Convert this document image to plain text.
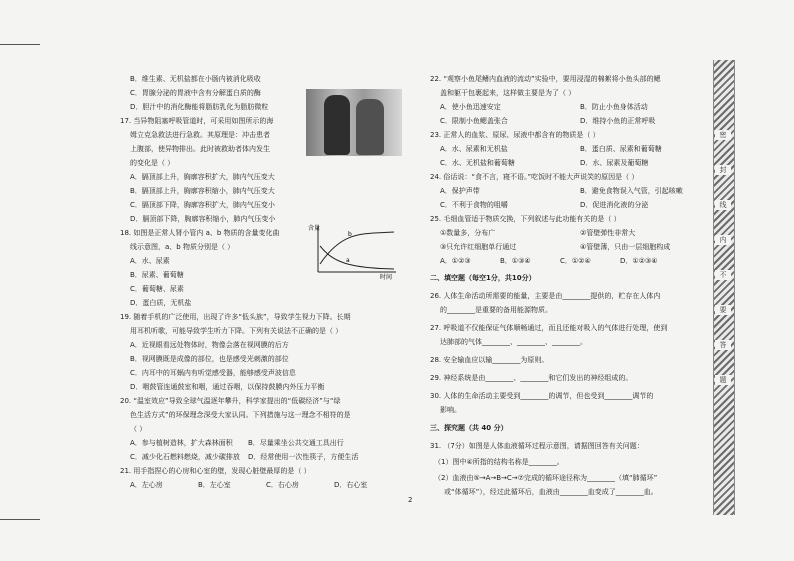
含量
时间
b
a
B．维生素、无机盐都在小肠内被消化吸收
C．胃腺分泌的胃液中含有分解蛋白质的酶
D．胆汁中的消化酶能将脂肪乳化为脂肪微粒
17. 当异物阻塞呼吸管道时，可采用如图所示的海
姆立克急救法进行急救。其原理是：冲击患者
上腹部，使异物排出。此时被救助者体内发生
的变化是（ ）
A．膈顶部上升，胸廓容积扩大，肺内气压变大
B．膈顶部上升，胸廓容积缩小，肺内气压变大
C．膈顶部下降，胸廓容积扩大，肺内气压变小
D．膈顶部下降，胸廓容积缩小，肺内气压变小
18. 如图是正常人肾小管内 a、b 物质的含量变化曲
线示意图，a、b 物质分别是（ ）
A．水、尿素
B．尿素、葡萄糖
C．葡萄糖、尿素
D．蛋白质，无机盐
19. 随着手机的广泛使用，出现了许多“低头族”，导致学生视力下降。长期
用耳机听歌，可能导致学生听力下降。下列有关说法不正确的是（ ）
A．近视眼看远处物体时，物像会落在视网膜的后方
B．视网膜既是成像的部位，也是感受光刺激的部位
C．内耳中的耳蜗内有听觉感受器，能够感受声波信息
D．咽鼓管连通鼓室和咽，通过吞咽，以保持鼓膜内外压力平衡
20. “温室效应”导致全球气温逐年攀升，科学家提出的“低碳经济”与“绿
色生活方式”的环保理念深受大家认同。下列措施与这一理念不相符的是
（ ）
A．参与植树造林，扩大森林面积 B．尽量乘坐公共交通工具出行
C．减少化石燃料燃烧，减少碳排放 D．经常使用一次性筷子，方便生活
21. 用手指捏心的心房和心室的壁，发现心脏壁最厚的是（ ）
A．左心房	B．左心室	C．右心房	D．右心室
22. “观察小鱼尾鳍内血液的流动”实验中，要用浸湿的棉絮将小鱼头部的鳃
盖和躯干包裹起来，这样做主要是为了（ ）
A．使小鱼迅速安定	B．防止小鱼身体活动
C．限制小鱼鳃盖张合	D．维持小鱼的正常呼吸
23. 正常人的血浆、原尿、尿液中都含有的物质是（ ）
A．水、尿素和无机盐	B．蛋白质、尿素和葡萄糖
C．水、无机盐和葡萄糖	D．水、尿素及葡萄糖
24. 俗话说：“食不言，寝不语。”吃饭时不能大声说笑的原因是（ ）
A．保护声带	B．避免食物误入气管，引起咳嗽
C．不利于食物的咀嚼	D．促进消化液的分泌
25. 毛细血管适于物质交换，下列叙述与此功能有关的是（ ）
①数量多，分布广	②管壁弹性非常大
③只允许红细胞单行通过	④管壁薄，只由一层细胞构成
A．①②③	B．①③④	C．①②④	D．①②③④
二、填空题（每空1分，共10分）
26. 人体生命活动所需要的能量，主要是由________提供的，贮存在人体内
的________是重要的备用能源物质。
27. 呼吸道不仅能保证气体顺畅通过，而且还能对吸入的气体进行处理，使到
达肺部的气体________、________、________。
28. 安全输血应以输________为原则。
29. 神经系统是由________、________和它们发出的神经组成的。
30. 人体的生命活动主要受到________的调节，但也受到________调节的
影响。
三、探究题（共 40 分）
31. （7分）如图是人体血液循环过程示意图，请据图回答有关问题：
（1）图中④所指的结构名称是________。
（2）血液由⑤→A→B→C→⑦完成的循环途径称为________（填“肺循环”
或“体循环”），经过此循环后，血液由________血变成了________血。
密
封
线
内
不
要
答
题
2
